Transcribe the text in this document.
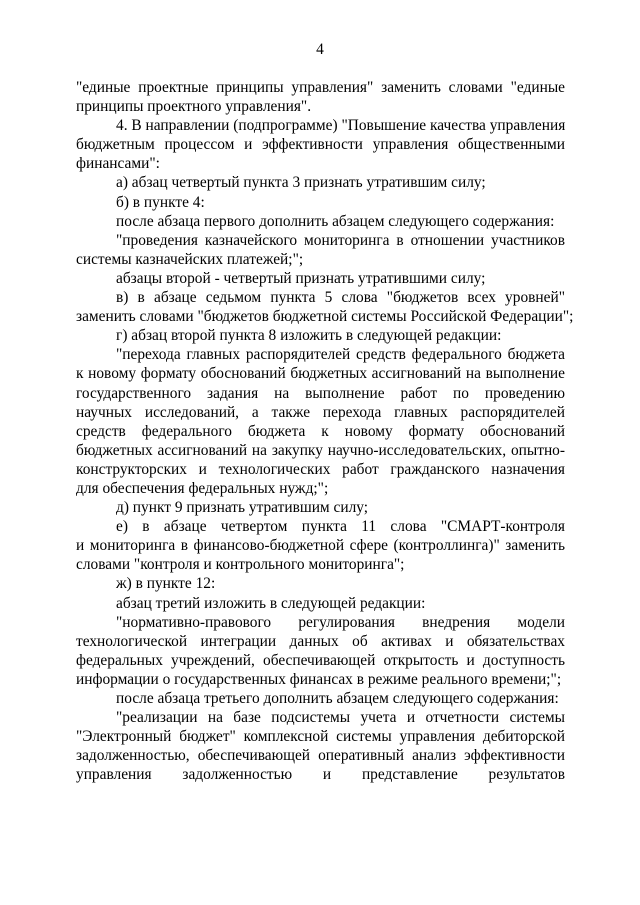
4
"единые проектные принципы управления" заменить словами "единые
принципы проектного управления".
4. В направлении (подпрограмме) "Повышение качества управления
бюджетным процессом и эффективности управления общественными
финансами":
а) абзац четвертый пункта 3 признать утратившим силу;
б) в пункте 4:
после абзаца первого дополнить абзацем следующего содержания:
"проведения казначейского мониторинга в отношении участников
системы казначейских платежей;";
абзацы второй - четвертый признать утратившими силу;
в) в абзаце седьмом пункта 5 слова "бюджетов всех уровней"
заменить словами "бюджетов бюджетной системы Российской Федерации";
г) абзац второй пункта 8 изложить в следующей редакции:
"перехода главных распорядителей средств федерального бюджета
к новому формату обоснований бюджетных ассигнований на выполнение
государственного задания на выполнение работ по проведению
научных исследований, а также перехода главных распорядителей
средств федерального бюджета к новому формату обоснований
бюджетных ассигнований на закупку научно-исследовательских, опытно-
конструкторских и технологических работ гражданского назначения
для обеспечения федеральных нужд;";
д) пункт 9 признать утратившим силу;
е) в абзаце четвертом пункта 11 слова "СМАРТ-контроля
и мониторинга в финансово-бюджетной сфере (контроллинга)" заменить
словами "контроля и контрольного мониторинга";
ж) в пункте 12:
абзац третий изложить в следующей редакции:
"нормативно-правового регулирования внедрения модели
технологической интеграции данных об активах и обязательствах
федеральных учреждений, обеспечивающей открытость и доступность
информации о государственных финансах в режиме реального времени;";
после абзаца третьего дополнить абзацем следующего содержания:
"реализации на базе подсистемы учета и отчетности системы
"Электронный бюджет" комплексной системы управления дебиторской
задолженностью, обеспечивающей оперативный анализ эффективности
управления задолженностью и представление результатов
